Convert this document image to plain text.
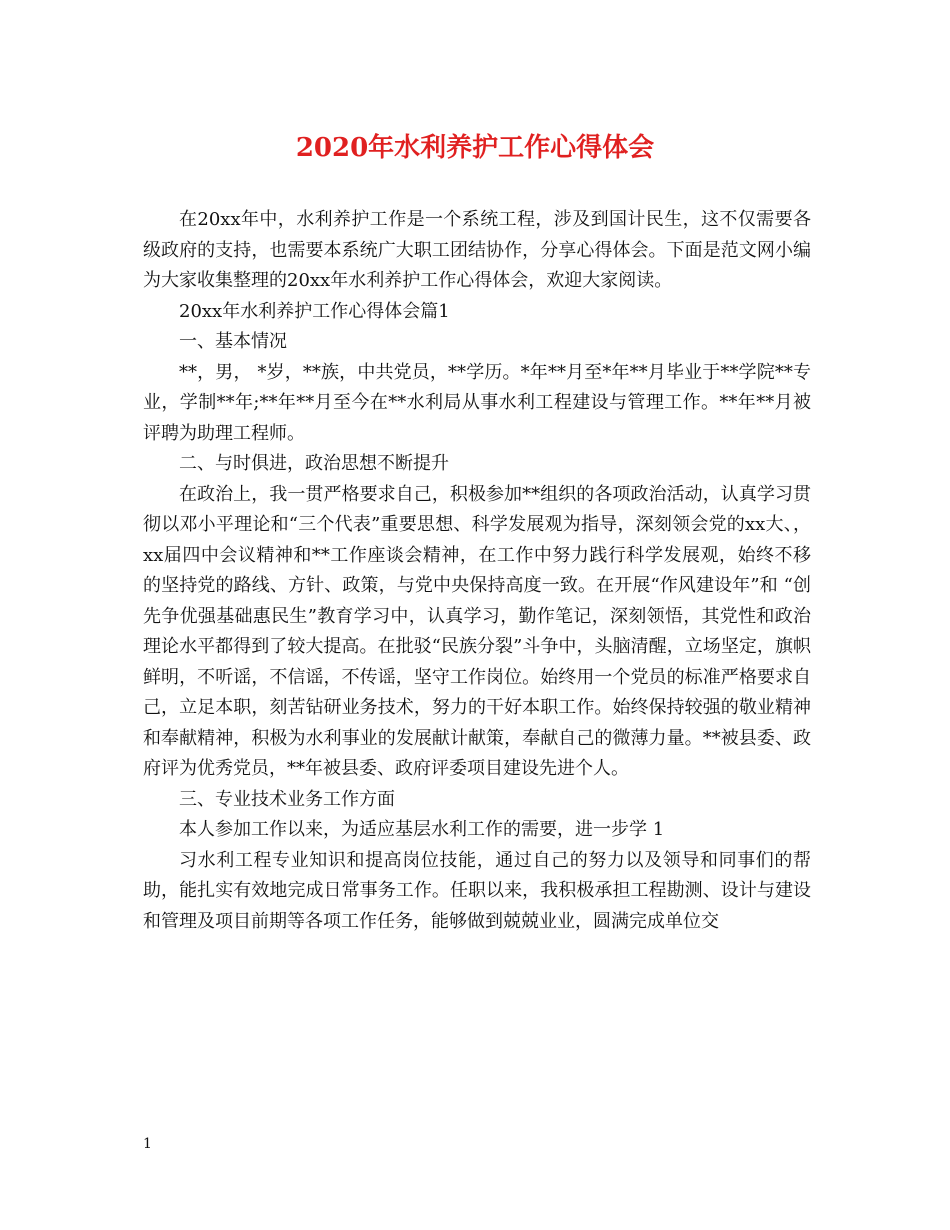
2020年水利养护工作心得体会

在20xx年中，水利养护工作是一个系统工程，涉及到国计民生，这不仅需要各级政府的支持，也需要本系统广大职工团结协作，分享心得体会。下面是范文网小编为大家收集整理的20xx年水利养护工作心得体会，欢迎大家阅读。

20xx年水利养护工作心得体会篇1

一、基本情况

**，男， *岁，**族，中共党员，**学历。*年**月至*年**月毕业于**学院**专业，学制**年;**年**月至今在**水利局从事水利工程建设与管理工作。**年**月被评聘为助理工程师。

二、与时俱进，政治思想不断提升

在政治上，我一贯严格要求自己，积极参加**组织的各项政治活动，认真学习贯彻以邓小平理论和“三个代表”重要思想、科学发展观为指导，深刻领会党的xx大、，xx届四中会议精神和**工作座谈会精神，在工作中努力践行科学发展观，始终不移的坚持党的路线、方针、政策，与党中央保持高度一致。在开展“作风建设年”和 “创先争优强基础惠民生”教育学习中，认真学习，勤作笔记，深刻领悟，其党性和政治理论水平都得到了较大提高。在批驳“民族分裂”斗争中，头脑清醒，立场坚定，旗帜鲜明，不听谣，不信谣，不传谣，坚守工作岗位。始终用一个党员的标准严格要求自己，立足本职，刻苦钻研业务技术，努力的干好本职工作。始终保持较强的敬业精神和奉献精神，积极为水利事业的发展献计献策，奉献自己的微薄力量。**被县委、政府评为优秀党员，**年被县委、政府评委项目建设先进个人。

三、专业技术业务工作方面

本人参加工作以来，为适应基层水利工作的需要，进一步学 1

习水利工程专业知识和提高岗位技能，通过自己的努力以及领导和同事们的帮助，能扎实有效地完成日常事务工作。任职以来，我积极承担工程勘测、设计与建设和管理及项目前期等各项工作任务，能够做到兢兢业业，圆满完成单位交

1
